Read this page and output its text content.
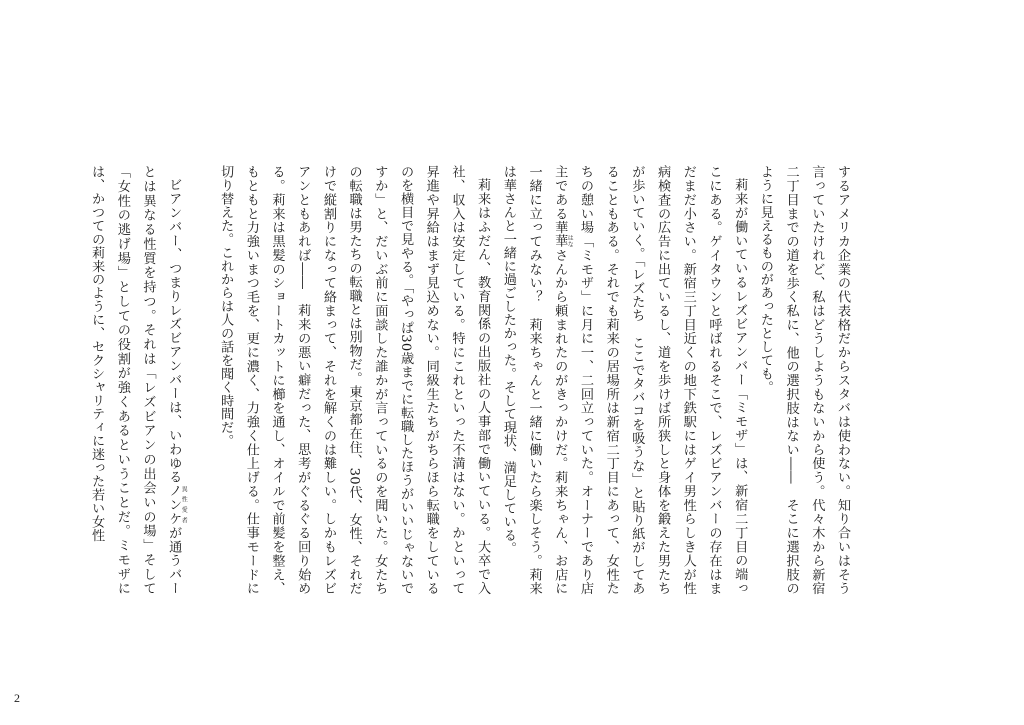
するアメリカ企業の代表格だからスタバは使わない。知り合いはそう言っていたけれど、私はどうしようもないから使う。代々木から新宿二丁目までの道を歩く私に、他の選択肢はない――　そこに選択肢のように見えるものがあったとしても。

莉来が働いているレズビアンバー「ミモザ」は、新宿二丁目の端っこにある。ゲイタウンと呼ばれるそこで、レズビアンバーの存在はまだまだ小さい。新宿三丁目近くの地下鉄駅にはゲイ男性らしき人が性病検査の広告に出ているし、道を歩けば所狭しと身体を鍛えた男たちが歩いていく。「レズたち　ここでタバコを吸うな」と貼り紙がしてあることもある。それでも莉来の居場所は新宿二丁目にあって、女性たちの憩い場「ミモザ」に月に一、二回立っていた。オーナーであり店主である華華 はなさんから頼まれたのがきっかけだ。莉来ちゃん、お店に一緒に立ってみない？　莉来ちゃんと一緒に働いたら楽しそう。莉来は華さんと一緒に過ごしたかった。そして現状、満足している。

莉来はふだん、教育関係の出版社の人事部で働いている。大卒で入社、収入は安定している。特にこれといった不満はない。かといって昇進や昇給はまず見込めない。同級生たちがちらほら転職をしているのを横目で見やる。「やっぱ30歳までに転職したほうがいいじゃないですか」と、だいぶ前に面談した誰かが言っているのを聞いた。女たちの転職は男たちの転職とは別物だ。東京都在住、30代、女性、それだけで縦割りになって絡まって、それを解くのは難しい。しかもレズビアンともあれば――　莉来の悪い癖だった、思考がぐるぐる回り始める。莉来は黒髪のショートカットに櫛を通し、オイルで前髪を整え、もともと力強いまつ毛を、更に濃く、力強く仕上げる。仕事モードに切り替えた。これからは人の話を聞く時間だ。

ビアンバー、つまりレズビアンバーは、いわゆるノンケ 異性愛者が通うバーとは異なる性質を持つ。それは「レズビアンの出会いの場」そして「女性の逃げ場」としての役割が強くあるということだ。ミモザには、かつての莉来のように、セクシャリティに迷った若い女性

2
